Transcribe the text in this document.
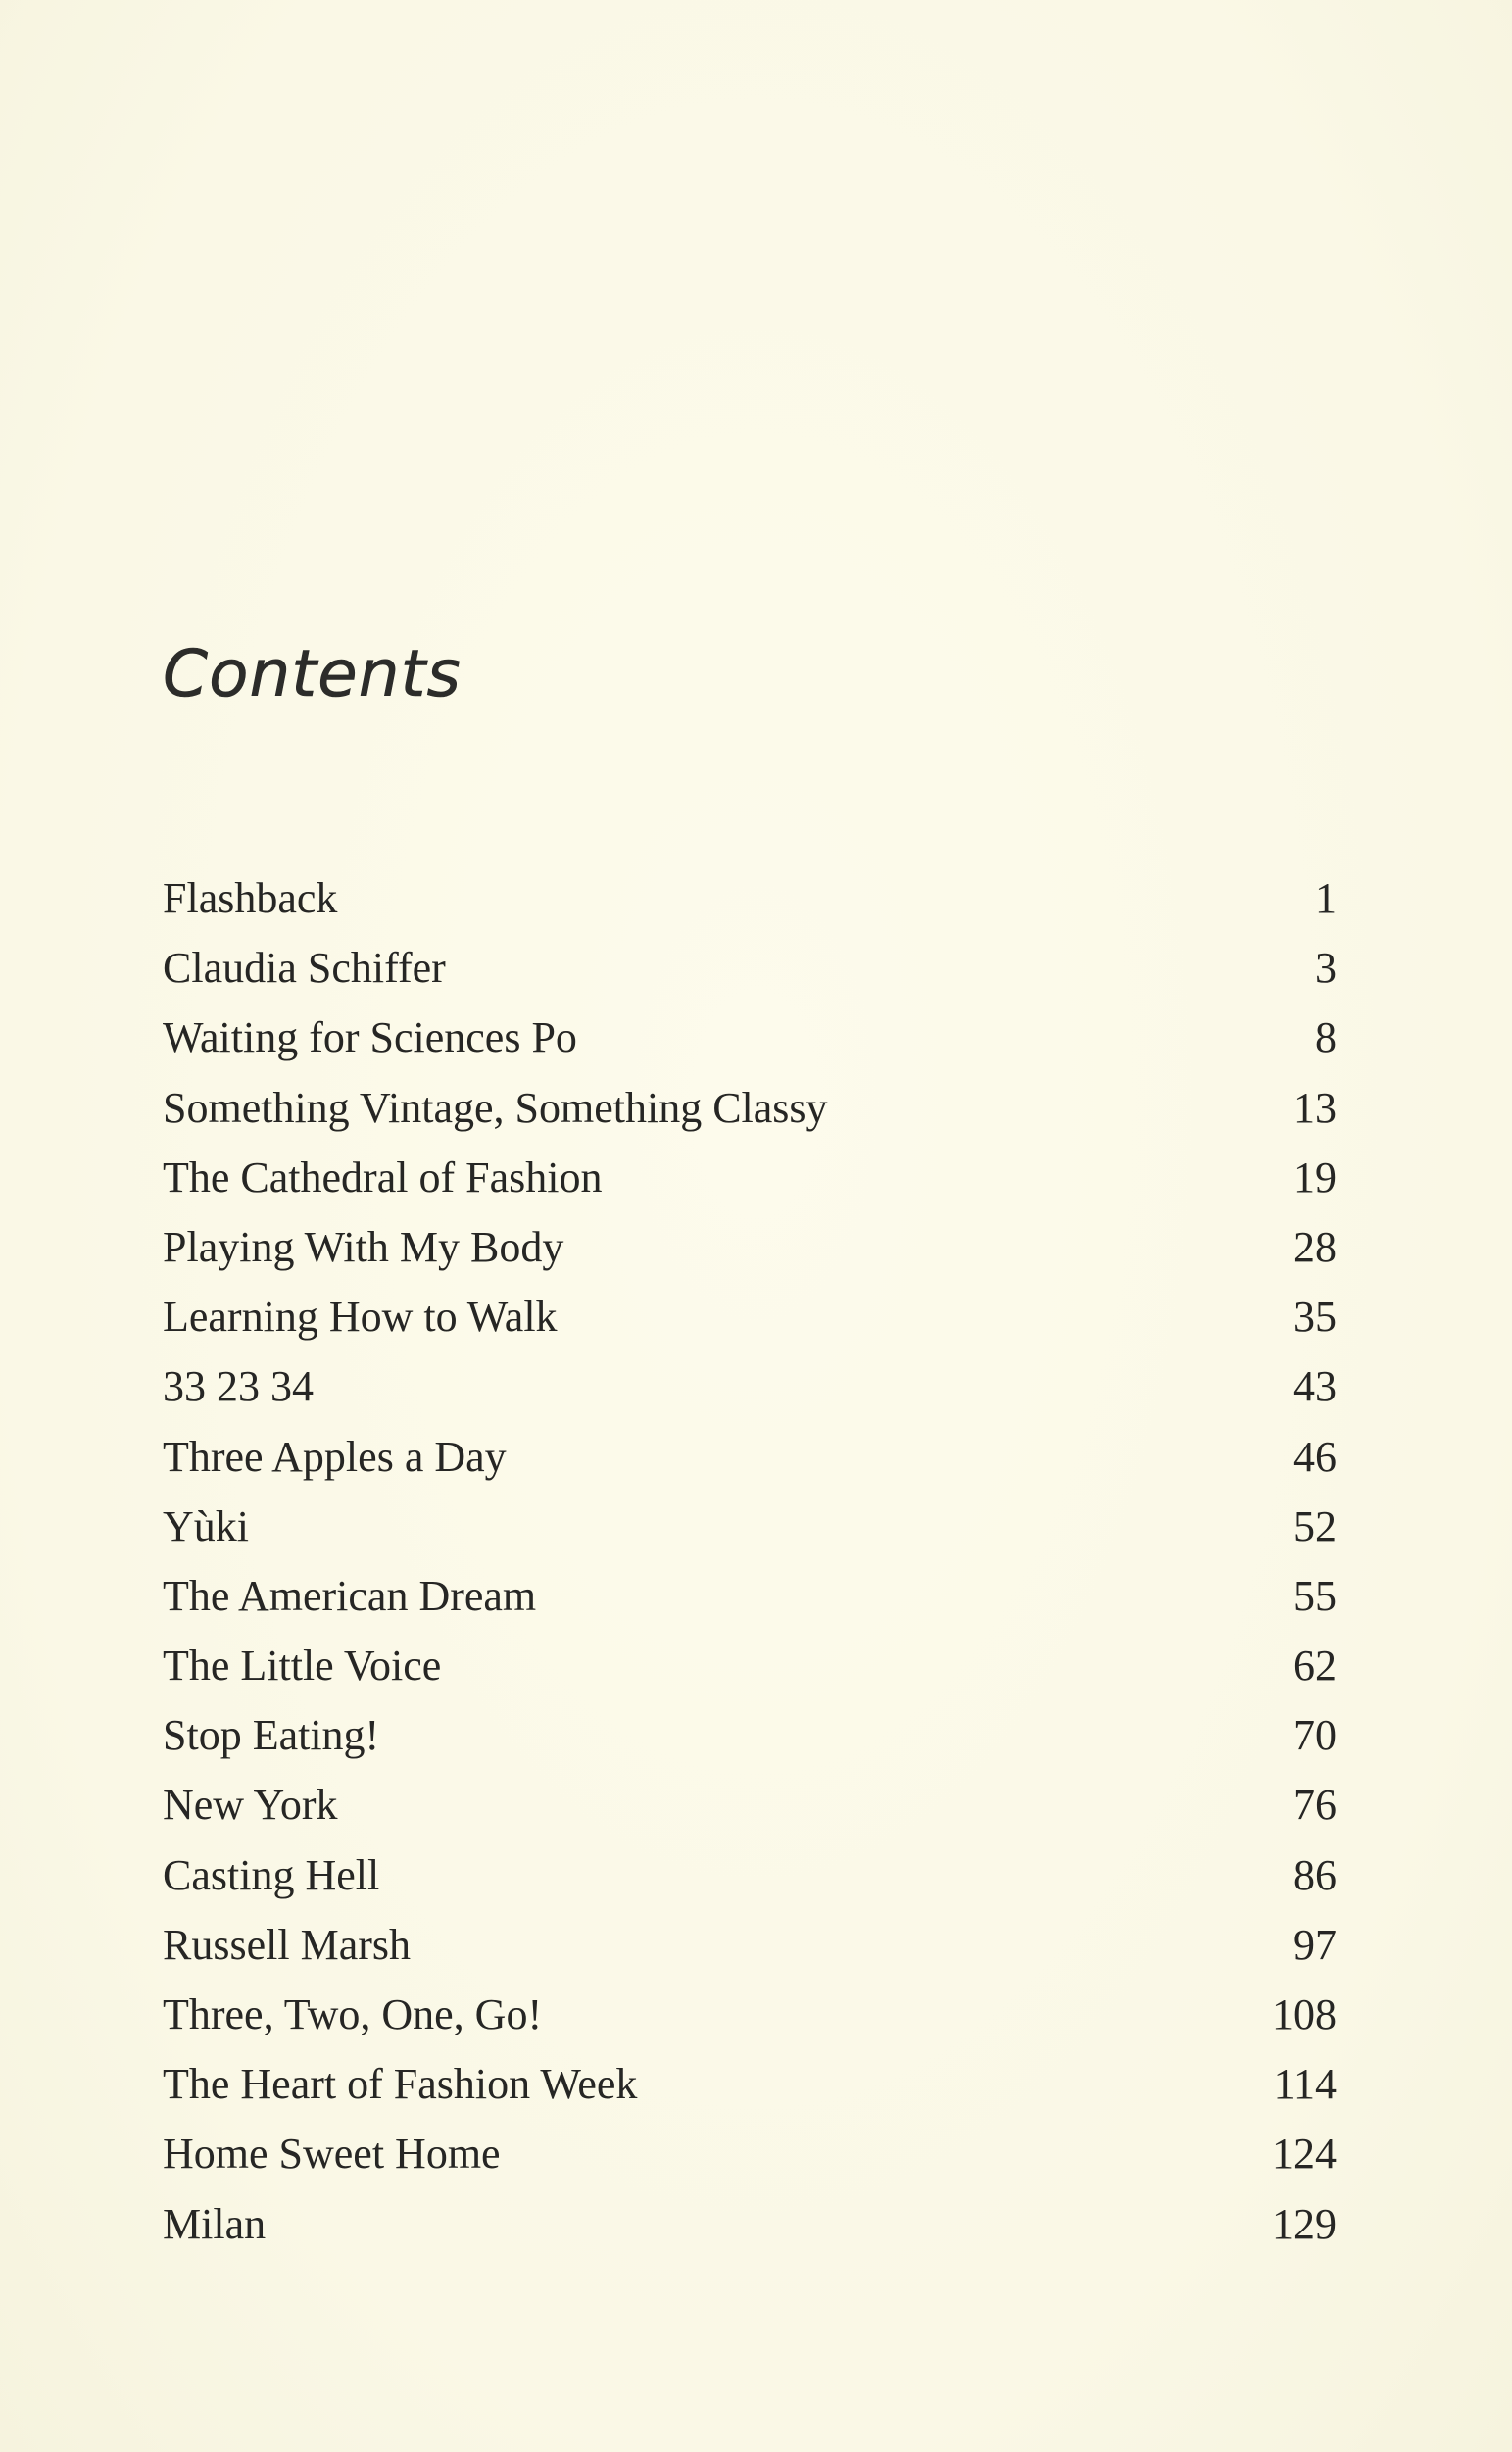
Contents
Flashback	1
Claudia Schiffer	3
Waiting for Sciences Po	8
Something Vintage, Something Classy	13
The Cathedral of Fashion	19
Playing With My Body	28
Learning How to Walk	35
33 23 34	43
Three Apples a Day	46
Yùki	52
The American Dream	55
The Little Voice	62
Stop Eating!	70
New York	76
Casting Hell	86
Russell Marsh	97
Three, Two, One, Go!	108
The Heart of Fashion Week	114
Home Sweet Home	124
Milan	129
